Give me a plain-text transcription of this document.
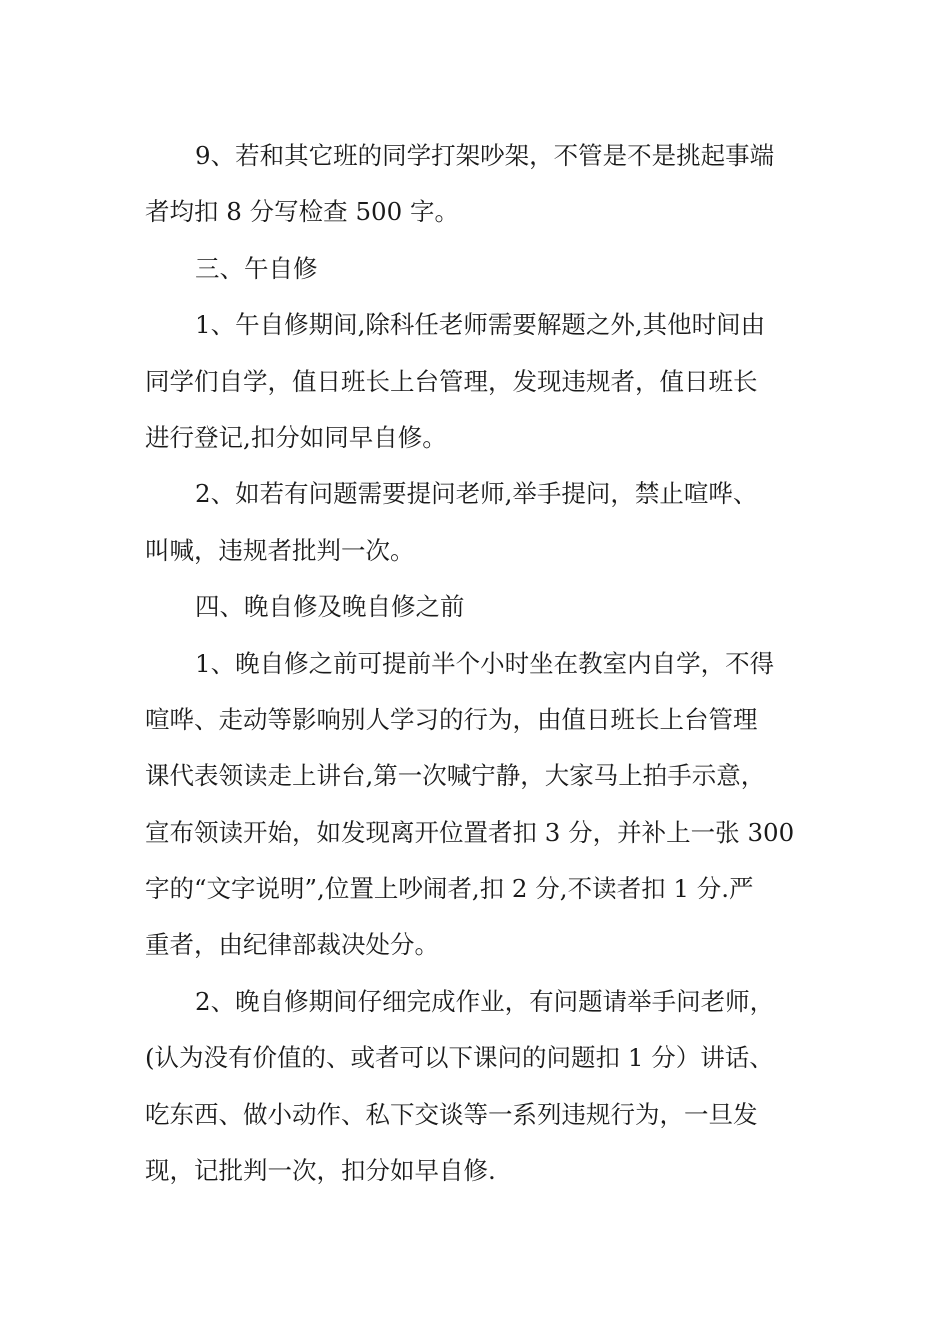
9、若和其它班的同学打架吵架，不管是不是挑起事端
者均扣 8 分写检查 500 字。

三、午自修

1、午自修期间,除科任老师需要解题之外,其他时间由
同学们自学，值日班长上台管理，发现违规者，值日班长
进行登记,扣分如同早自修。

2、如若有问题需要提问老师,举手提问，禁止喧哗、
叫喊，违规者批判一次。

四、晚自修及晚自修之前

1、晚自修之前可提前半个小时坐在教室内自学，不得
喧哗、走动等影响别人学习的行为，由值日班长上台管理
课代表领读走上讲台,第一次喊宁静，大家马上拍手示意，
宣布领读开始，如发现离开位置者扣 3 分，并补上一张 300
字的“文字说明”,位置上吵闹者,扣 2 分,不读者扣 1 分.严
重者，由纪律部裁决处分。

2、晚自修期间仔细完成作业，有问题请举手问老师，
(认为没有价值的、或者可以下课问的问题扣 1 分）讲话、
吃东西、做小动作、私下交谈等一系列违规行为，一旦发
现，记批判一次，扣分如早自修.
